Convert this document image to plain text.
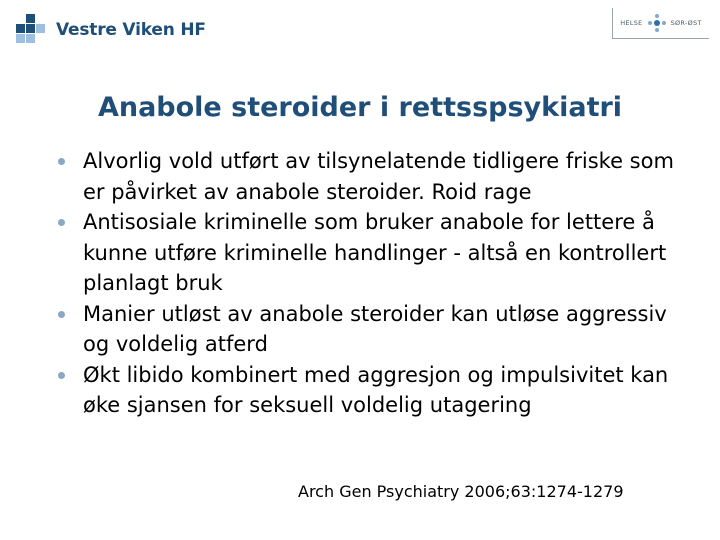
Vestre Viken HF	HELSE	SØR-ØST
Anabole steroider i rettsspsykiatri
Alvorlig vold utført av tilsynelatende tidligere friske som er påvirket av anabole steroider. Roid rage
Antisosiale kriminelle som bruker anabole for lettere å kunne utføre kriminelle handlinger - altså en kontrollert planlagt bruk
Manier utløst av anabole steroider kan utløse aggressiv og voldelig atferd
Økt libido kombinert med aggresjon og impulsivitet kan øke sjansen for seksuell voldelig utagering
Arch Gen Psychiatry 2006;63:1274-1279
